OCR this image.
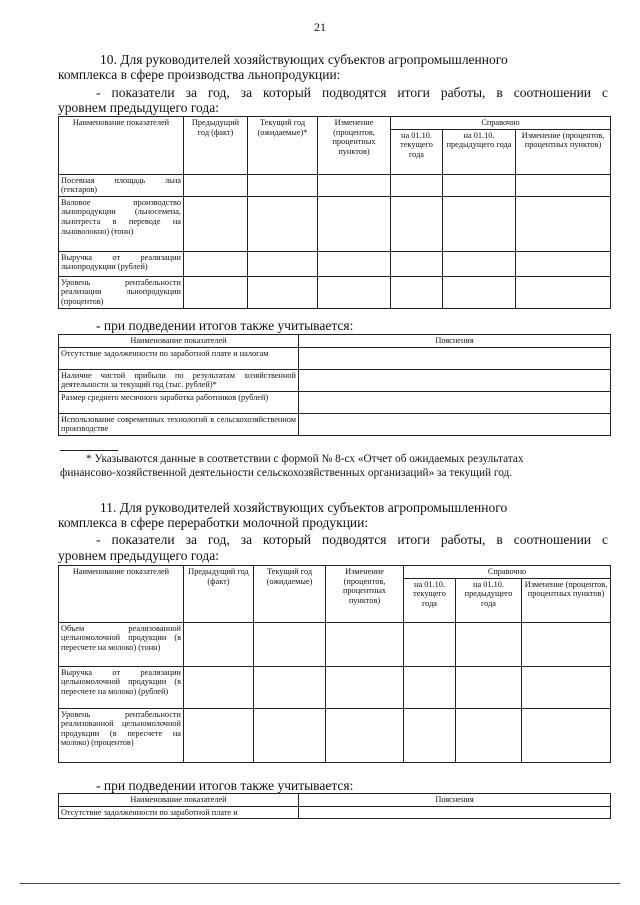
21
10. Для руководителей хозяйствующих субъектов агропромышленного
комплекса в сфере производства льнопродукции:
- показатели за год, за который подводятся итоги работы, в соотношении с
уровнем предыдущего года:
Наименование показателей	Предыдущий год (факт)	Текущий год (ожидаемые)*	Изменение (процентов, процентных пунктов)	Справочно		
				на 01.10. текущего года	на 01.10. предыдущего года	Изменение (процентов, процентных пунктов)
Посевная площадь льна (гектаров)						
Валовое производство льнопродукции (льносемена, льнотреста в переводе на льноволокно) (тонн)						
Выручка от реализации льнопродукции (рублей)						
Уровень рентабельности реализации льнопродукции (процентов)						
- при подведении итогов также учитывается:
Наименование показателей	Пояснения
Отсутствие задолженности по заработной плате и налогам	
Наличие чистой прибыли по результатам хозяйственной деятельности за текущий год (тыс. рублей)*	
Размер среднего месячного заработка работников (рублей)	
Использование современных технологий в сельскохозяйственном производстве	
* Указываются данные в соответствии с формой № 8-сх «Отчет об ожидаемых результатах
финансово-хозяйственной деятельности сельскохозяйственных организаций» за текущий год.
11. Для руководителей хозяйствующих субъектов агропромышленного
комплекса в сфере переработки молочной продукции:
- показатели за год, за который подводятся итоги работы, в соотношении с
уровнем предыдущего года:
Наименование показателей	Предыдущий год (факт)	Текущий год (ожидаемые)	Изменение (процентов, процентных пунктов)	Справочно		
				на 01.10. текущего года	на 01.10. предыдущего года	Изменение (процентов, процентных пунктов)
Объем реализованной цельномолочной продукции (в пересчете на молоко) (тонн)						
Выручка от реализации цельномолочной продукции (в пересчете на молоко) (рублей)						
Уровень рентабельности реализованной цельномолочной продукции (в пересчете на молоко) (процентов)						
- при подведении итогов также учитывается:
Наименование показателей	Пояснения
Отсутствие задолженности по заработной плате и	
